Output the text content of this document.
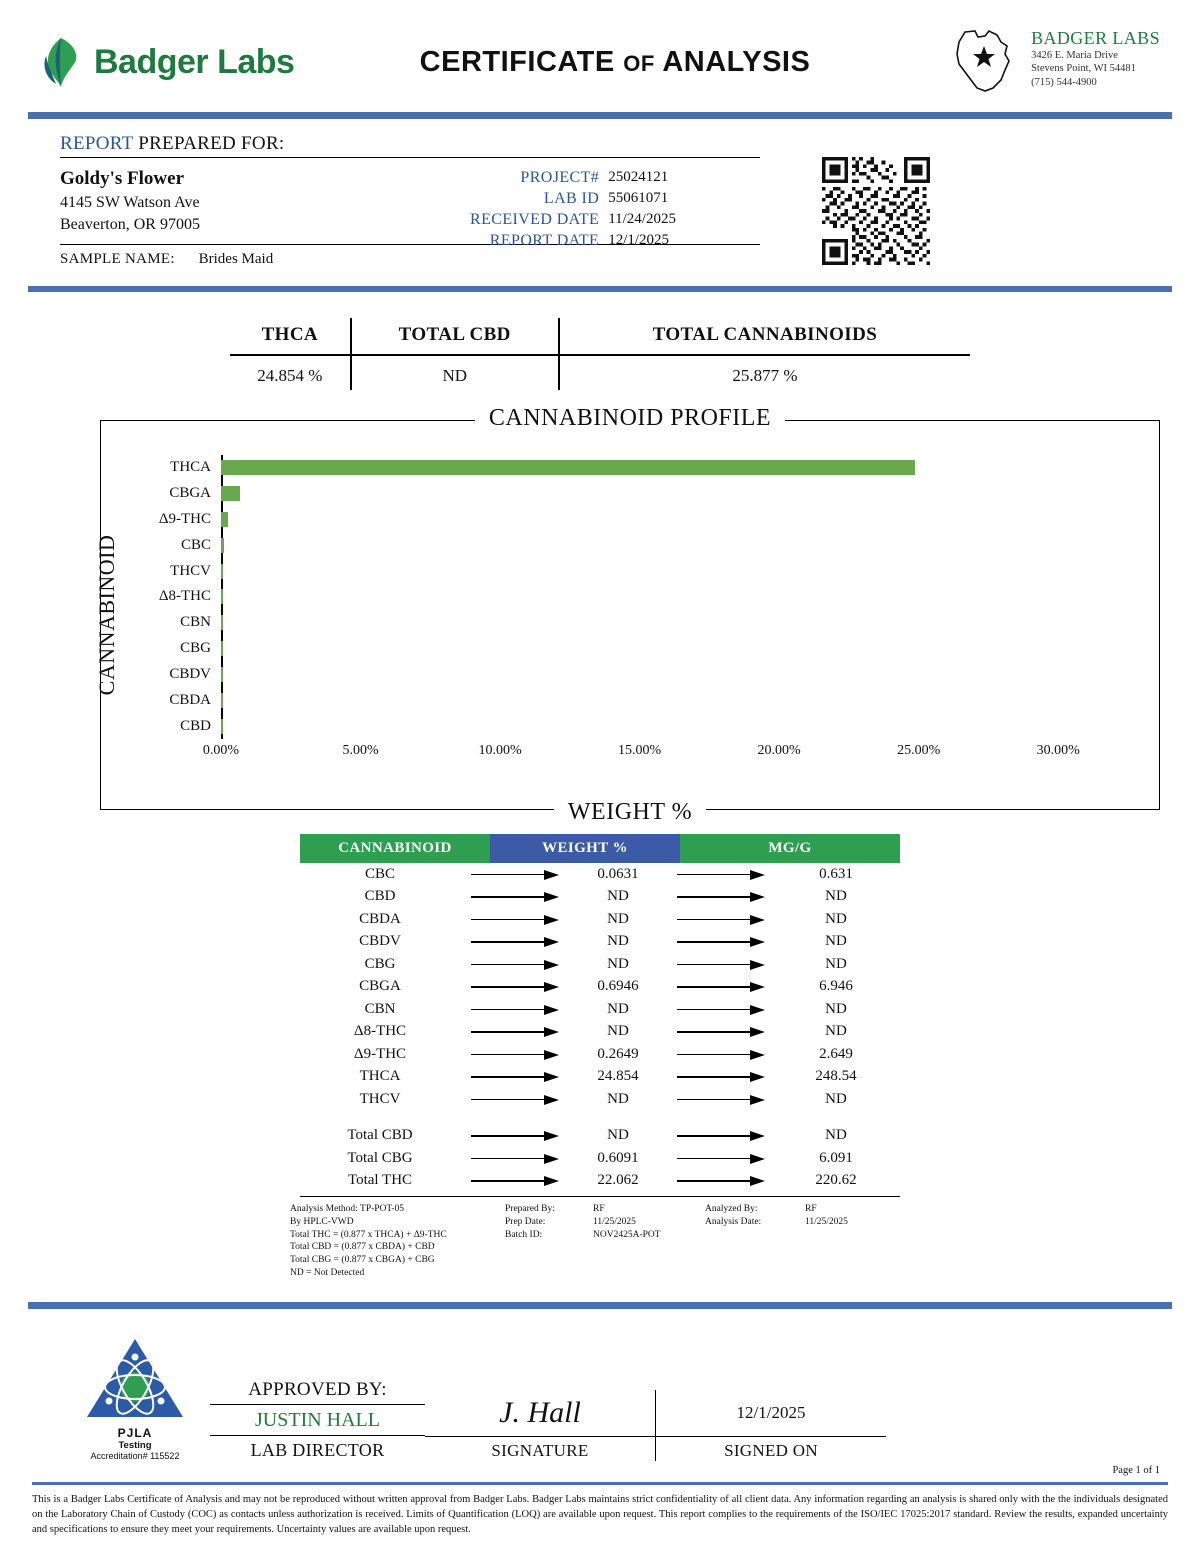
Badger Labs	CERTIFICATE OF ANALYSIS
BADGER LABS
3426 E. Maria Drive
Stevens Point, WI 54481
(715) 544-4900
REPORT PREPARED FOR:
Goldy's Flower
4145 SW Watson Ave
Beaverton, OR 97005
PROJECT#	25024121
LAB ID	55061071
RECEIVED DATE	11/24/2025
REPORT DATE	12/1/2025
SAMPLE NAME: Brides Maid
THCA	TOTAL CBD	TOTAL CANNABINOIDS
24.854 %	ND	25.877 %
CANNABINOID PROFILE
CANNABINOID
WEIGHT %
THCA
CBGA
Δ9-THC
CBC
THCV
Δ8-THC
CBN
CBG
CBDV
CBDA
CBD
0.00%	5.00%	10.00%	15.00%	20.00%	25.00%	30.00%
CANNABINOID	WEIGHT %	MG/G
CBC	0.0631	0.631
CBD	ND	ND
CBDA	ND	ND
CBDV	ND	ND
CBG	ND	ND
CBGA	0.6946	6.946
CBN	ND	ND
Δ8-THC	ND	ND
Δ9-THC	0.2649	2.649
THCA	24.854	248.54
THCV	ND	ND
Total CBD	ND	ND
Total CBG	0.6091	6.091
Total THC	22.062	220.62
Analysis Method: TP-POT-05
By HPLC-VWD
Total THC = (0.877 x THCA) + Δ9-THC
Total CBD = (0.877 x CBDA) + CBD
Total CBG = (0.877 x CBGA) + CBG
ND = Not Detected
Prepared By:	RF
Prep Date:	11/25/2025
Batch ID:	NOV2425A-POT
Analyzed By:	RF
Analysis Date:	11/25/2025
PJLA
Testing
Accreditation# 115522
APPROVED BY:
JUSTIN HALL
LAB DIRECTOR
J. Hall
SIGNATURE
12/1/2025
SIGNED ON
Page 1 of 1
This is a Badger Labs Certificate of Analysis and may not be reproduced without written approval from Badger Labs. Badger Labs maintains strict confidentiality of all client data. Any information regarding an analysis is shared only with the the individuals designated on the Laboratory Chain of Custody (COC) as contacts unless authorization is received. Limits of Quantification (LOQ) are available upon request. This report complies to the requirements of the ISO/IEC 17025:2017 standard. Review the results, expanded uncertainty and specifications to ensure they meet your requirements. Uncertainty values are available upon request.
